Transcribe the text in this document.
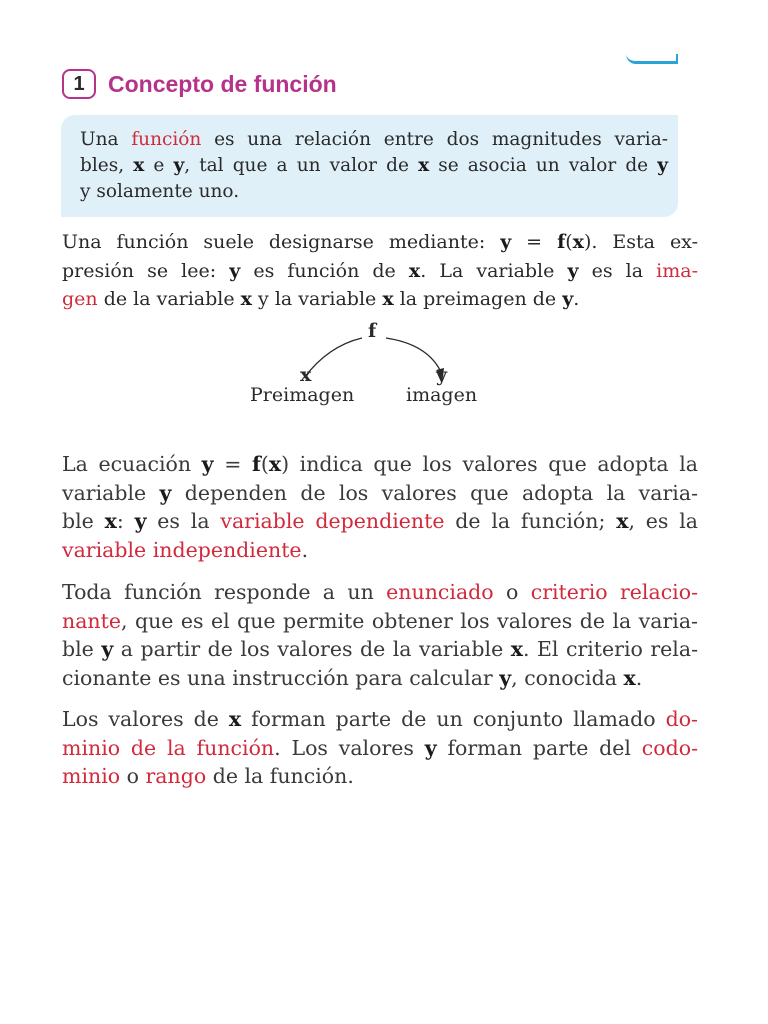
1	Concepto de función
Una función es una relación entre dos magnitudes varia-
bles, x e y, tal que a un valor de x se asocia un valor de y
y solamente uno.
Una función suele designarse mediante: y = f(x). Esta ex-
presión se lee: y es función de x. La variable y es la ima-
gen de la variable x y la variable x la preimagen de y.
f
x	y
Preimagen	imagen
La ecuación y = f(x) indica que los valores que adopta la
variable y dependen de los valores que adopta la varia-
ble x: y es la variable dependiente de la función; x, es la
variable independiente.
Toda función responde a un enunciado o criterio relacio-
nante, que es el que permite obtener los valores de la varia-
ble y a partir de los valores de la variable x. El criterio rela-
cionante es una instrucción para calcular y, conocida x.
Los valores de x forman parte de un conjunto llamado do-
minio de la función. Los valores y forman parte del codo-
minio o rango de la función.
